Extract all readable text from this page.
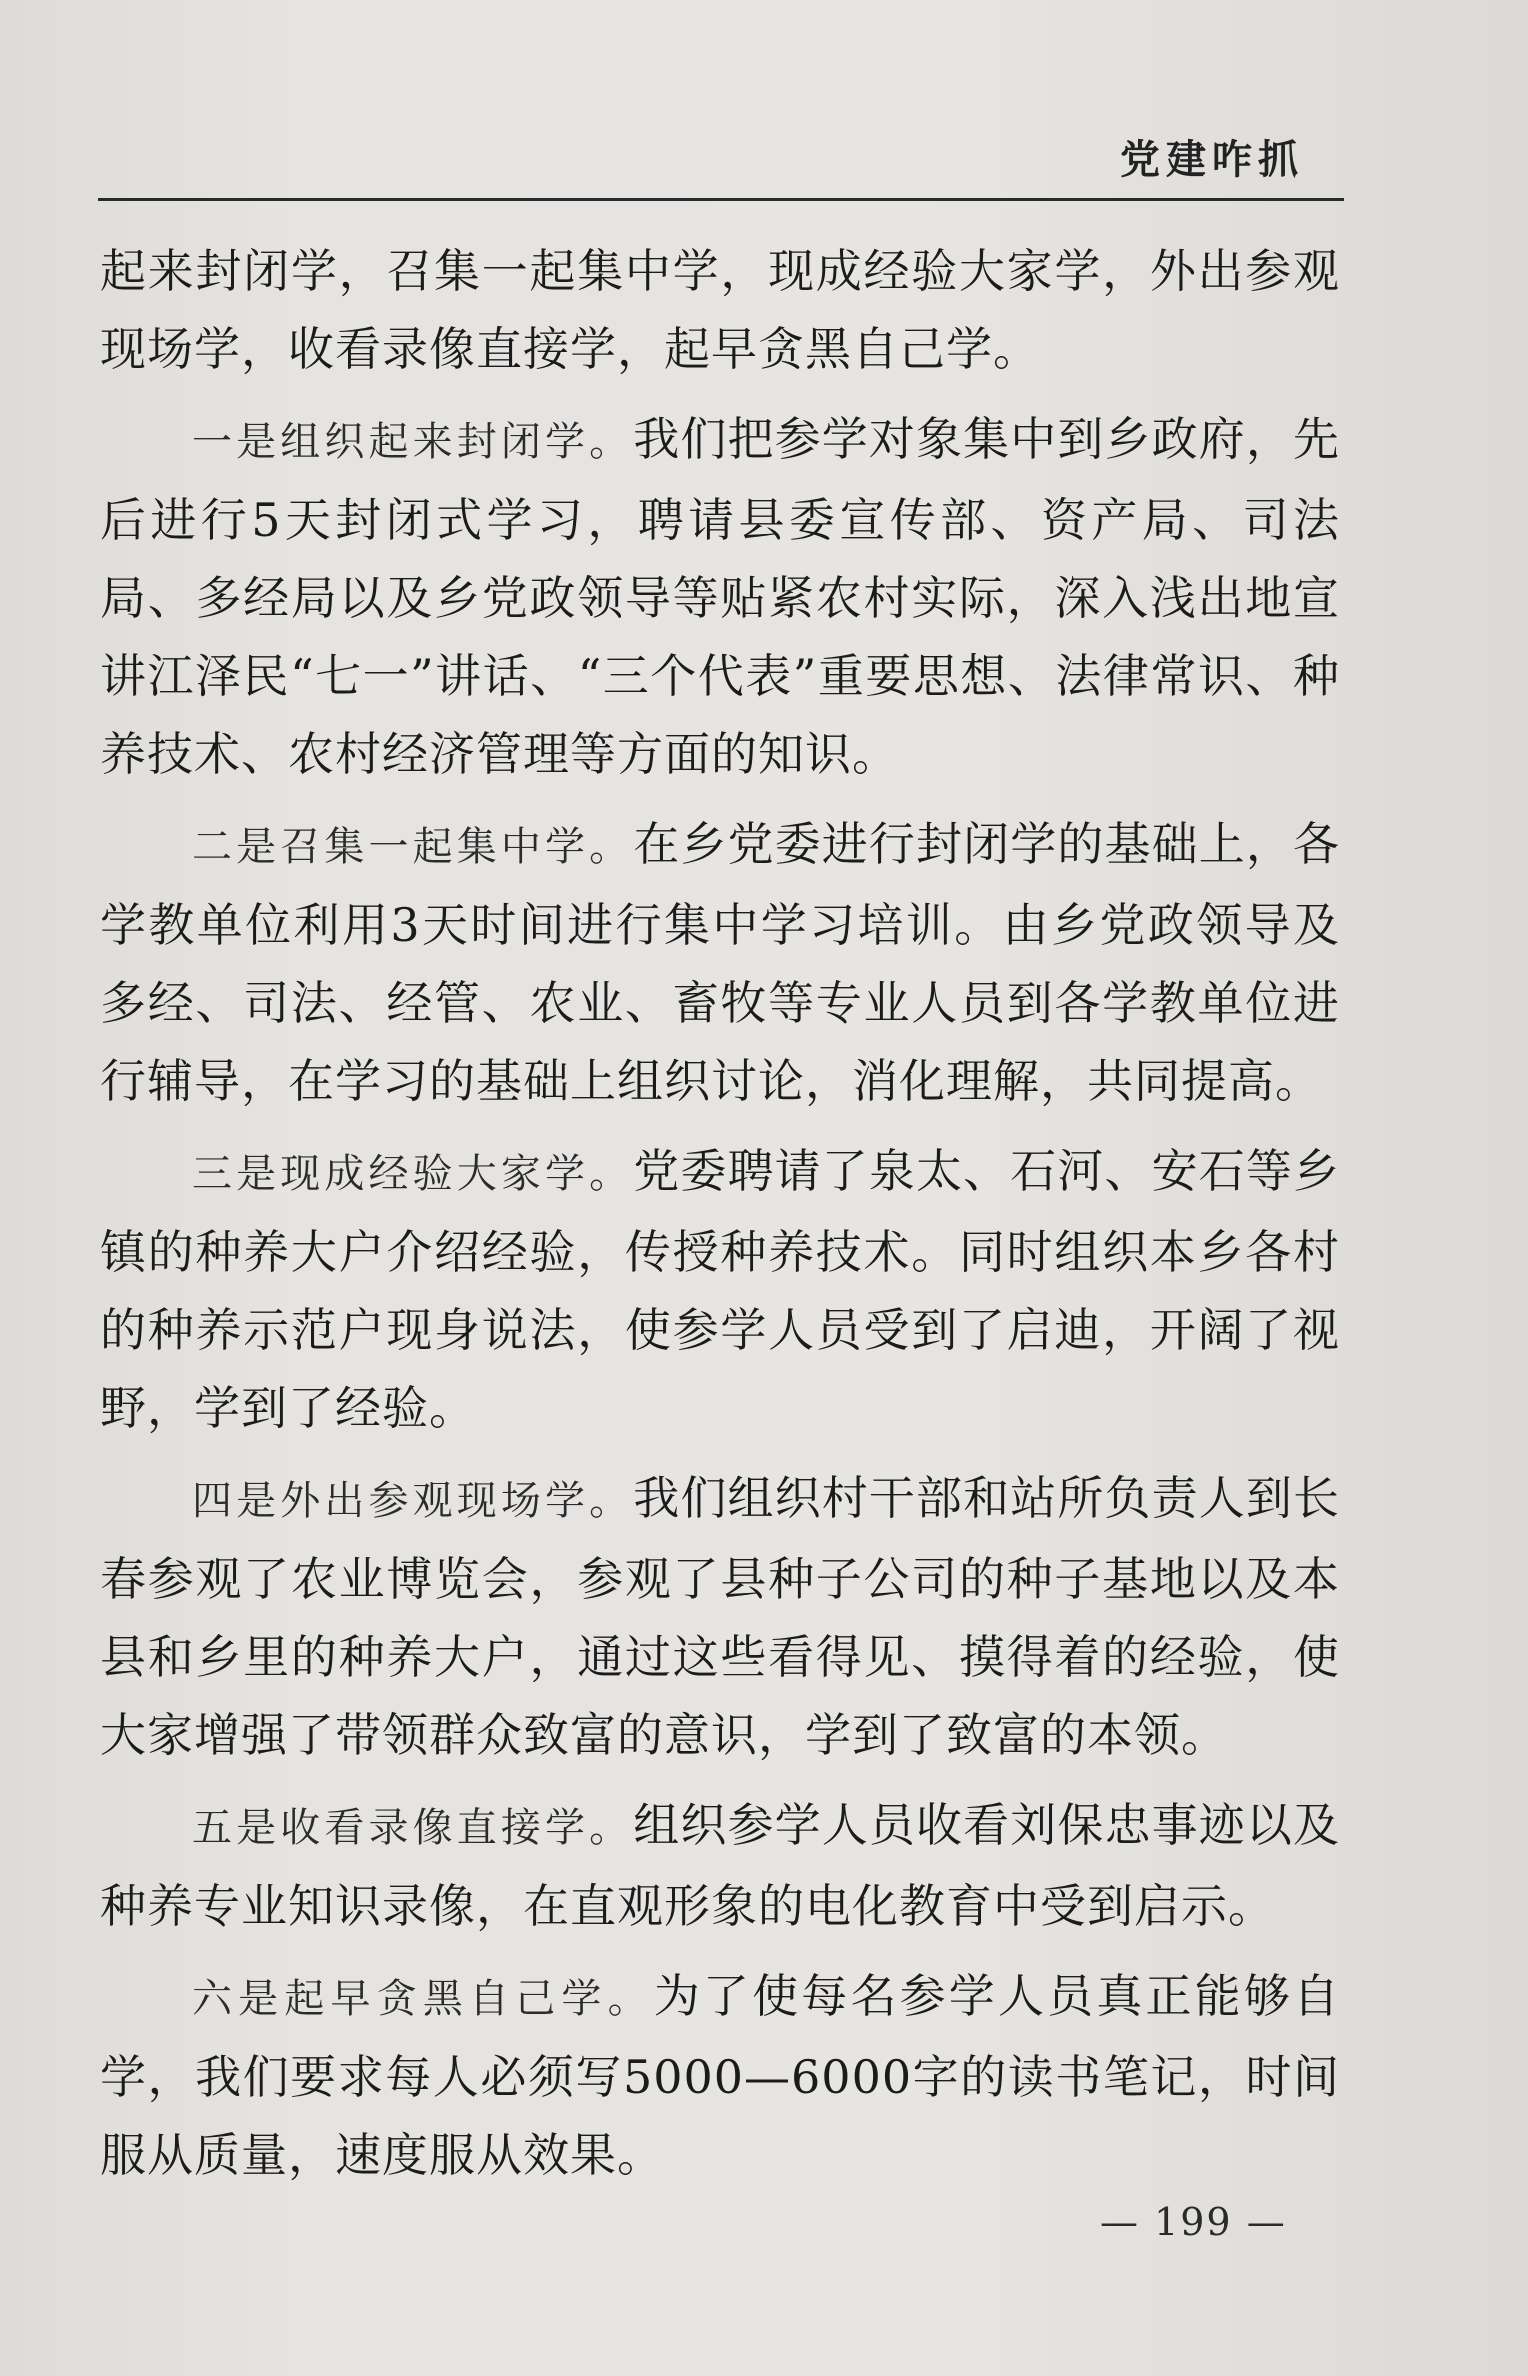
党建咋抓

起来封闭学，召集一起集中学，现成经验大家学，外出参观现场学，收看录像直接学，起早贪黑自己学。

一是组织起来封闭学。我们把参学对象集中到乡政府，先后进行5天封闭式学习，聘请县委宣传部、资产局、司法局、多经局以及乡党政领导等贴紧农村实际，深入浅出地宣讲江泽民“七一”讲话、“三个代表”重要思想、法律常识、种养技术、农村经济管理等方面的知识。

二是召集一起集中学。在乡党委进行封闭学的基础上，各学教单位利用3天时间进行集中学习培训。由乡党政领导及多经、司法、经管、农业、畜牧等专业人员到各学教单位进行辅导，在学习的基础上组织讨论，消化理解，共同提高。

三是现成经验大家学。党委聘请了泉太、石河、安石等乡镇的种养大户介绍经验，传授种养技术。同时组织本乡各村的种养示范户现身说法，使参学人员受到了启迪，开阔了视野，学到了经验。

四是外出参观现场学。我们组织村干部和站所负责人到长春参观了农业博览会，参观了县种子公司的种子基地以及本县和乡里的种养大户，通过这些看得见、摸得着的经验，使大家增强了带领群众致富的意识，学到了致富的本领。

五是收看录像直接学。组织参学人员收看刘保忠事迹以及种养专业知识录像，在直观形象的电化教育中受到启示。

六是起早贪黑自己学。为了使每名参学人员真正能够自学，我们要求每人必须写5000—6000字的读书笔记，时间服从质量，速度服从效果。

— 199 —
